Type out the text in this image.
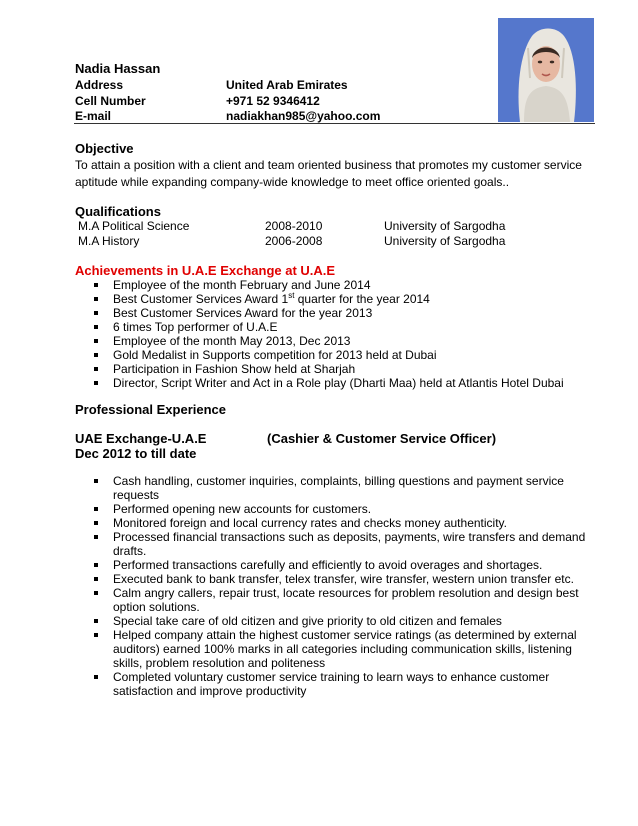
Nadia Hassan
Address	United Arab Emirates
Cell Number	+971 52 9346412
E-mail	nadiakhan985@yahoo.com
Objective
To attain a position with a client and team oriented business that promotes my customer service aptitude while expanding company-wide knowledge to meet office oriented goals..
Qualifications
M.A Political Science	2008-2010	University of Sargodha
M.A History	2006-2008	University of Sargodha
Achievements in U.A.E Exchange at U.A.E
Employee of the month February and June 2014
Best Customer Services Award 1st quarter for the year 2014
Best Customer Services Award for the year 2013
6 times Top performer of U.A.E
Employee of the month May 2013, Dec 2013
Gold Medalist in Supports competition for 2013 held at Dubai
Participation in Fashion Show held at Sharjah
Director, Script Writer and Act in a Role play (Dharti Maa) held at Atlantis Hotel Dubai
Professional Experience
UAE Exchange-U.A.E	(Cashier & Customer Service Officer)
Dec 2012 to till date
Cash handling, customer inquiries, complaints, billing questions and payment service requests
Performed opening new accounts for customers.
Monitored foreign and local currency rates and checks money authenticity.
Processed financial transactions such as deposits, payments, wire transfers and demand drafts.
Performed transactions carefully and efficiently to avoid overages and shortages.
Executed bank to bank transfer, telex transfer, wire transfer, western union transfer etc.
Calm angry callers, repair trust, locate resources for problem resolution and design best option solutions.
Special take care of old citizen and give priority to old citizen and females
Helped company attain the highest customer service ratings (as determined by external auditors) earned 100% marks in all categories including communication skills, listening skills, problem resolution and politeness
Completed voluntary customer service training to learn ways to enhance customer satisfaction and improve productivity
